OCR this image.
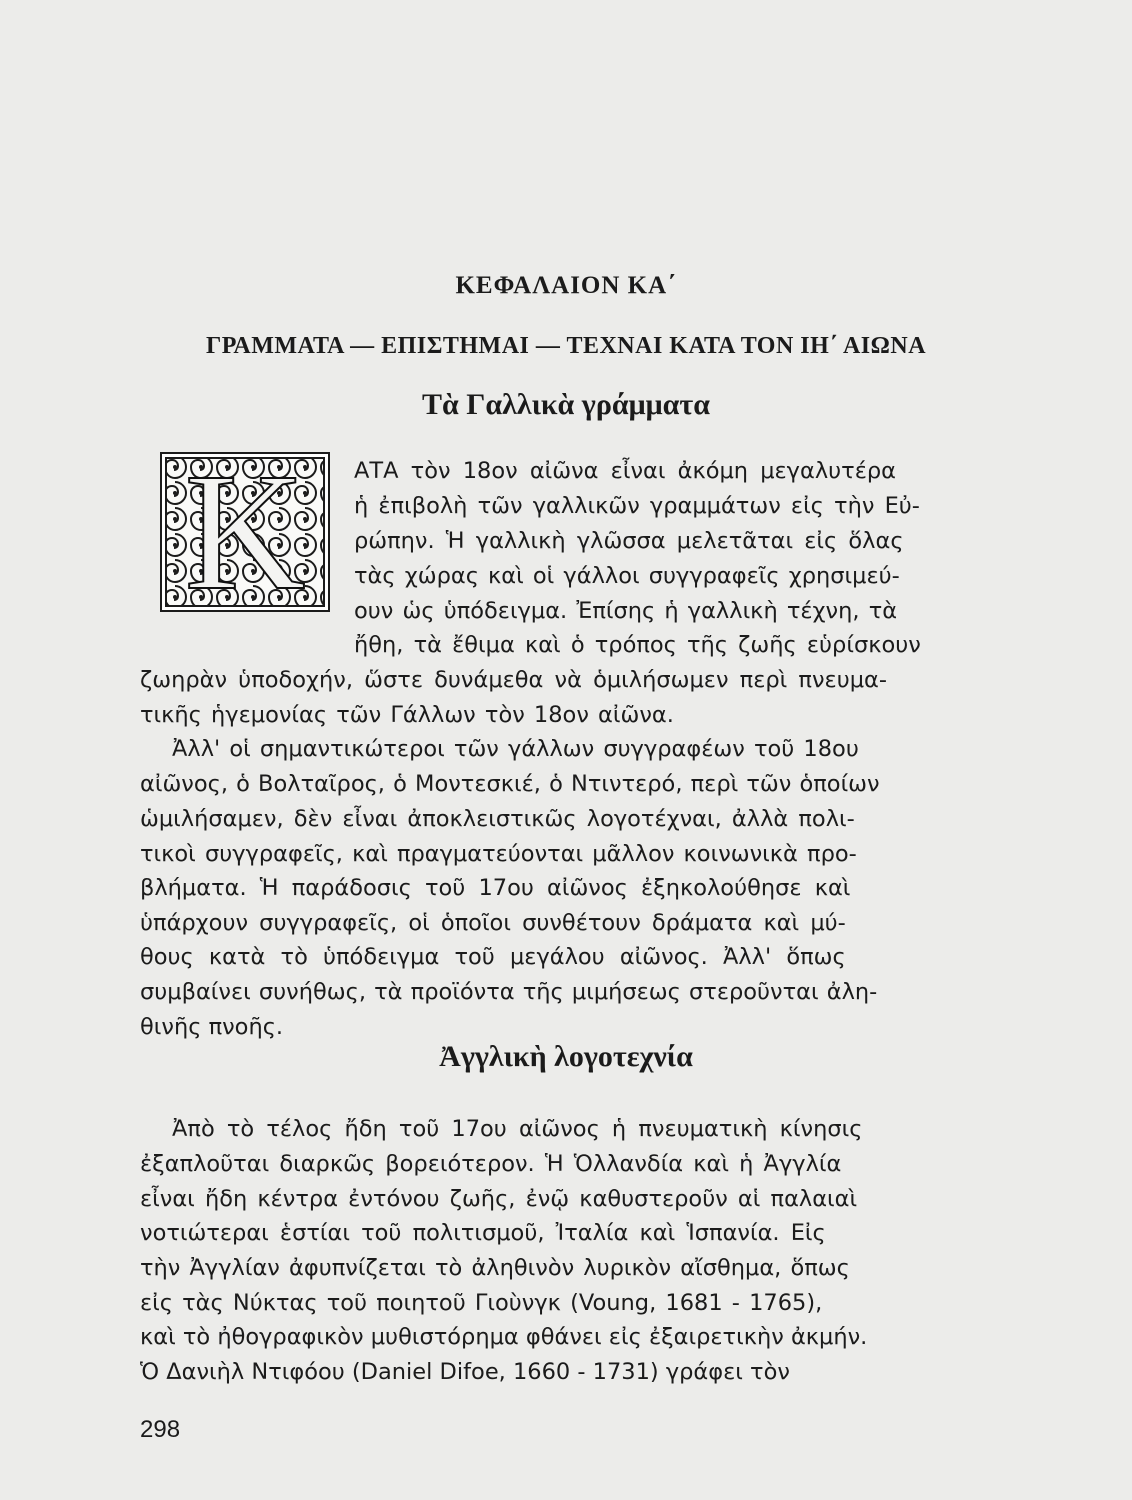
ΚΕΦΑΛΑΙΟΝ ΚΑ΄
ΓΡΑΜΜΑΤΑ — ΕΠΙΣΤΗΜΑΙ — ΤΕΧΝΑΙ ΚΑΤΑ ΤΟΝ ΙΗ΄ ΑΙΩΝΑ
Τὰ Γαλλικὰ γράμματα
Κ	ΑΤΑ τὸν 18ον αἰῶνα εἶναι ἀκόμη μεγαλυτέρα
ἡ ἐπιβολὴ τῶν γαλλικῶν γραμμάτων εἰς τὴν Εὐ-
ρώπην. Ἡ γαλλικὴ γλῶσσα μελετᾶται εἰς ὅλας
τὰς χώρας καὶ οἱ γάλλοι συγγραφεῖς χρησιμεύ-
ουν ὡς ὑπόδειγμα. Ἐπίσης ἡ γαλλικὴ τέχνη, τὰ
ἤθη, τὰ ἔθιμα καὶ ὁ τρόπος τῆς ζωῆς εὑρίσκουν
ζωηρὰν ὑποδοχήν, ὥστε δυνάμεθα νὰ ὁμιλήσωμεν περὶ πνευμα-
τικῆς ἡγεμονίας τῶν Γάλλων τὸν 18ον αἰῶνα.
Ἀλλ' οἱ σημαντικώτεροι τῶν γάλλων συγγραφέων τοῦ 18ου
αἰῶνος, ὁ Βολταῖρος, ὁ Μοντεσκιέ, ὁ Ντιντερό, περὶ τῶν ὁποίων
ὡμιλήσαμεν, δὲν εἶναι ἀποκλειστικῶς λογοτέχναι, ἀλλὰ πολι-
τικοὶ συγγραφεῖς, καὶ πραγματεύονται μᾶλλον κοινωνικὰ προ-
βλήματα. Ἡ παράδοσις τοῦ 17ου αἰῶνος ἐξηκολούθησε καὶ
ὑπάρχουν συγγραφεῖς, οἱ ὁποῖοι συνθέτουν δράματα καὶ μύ-
θους κατὰ τὸ ὑπόδειγμα τοῦ μεγάλου αἰῶνος. Ἀλλ' ὅπως
συμβαίνει συνήθως, τὰ προϊόντα τῆς μιμήσεως στεροῦνται ἀλη-
θινῆς πνοῆς.
Ἀγγλικὴ λογοτεχνία
Ἀπὸ τὸ τέλος ἤδη τοῦ 17ου αἰῶνος ἡ πνευματικὴ κίνησις
ἐξαπλοῦται διαρκῶς βορειότερον. Ἡ Ὁλλανδία καὶ ἡ Ἀγγλία
εἶναι ἤδη κέντρα ἐντόνου ζωῆς, ἐνῷ καθυστεροῦν αἱ παλαιαὶ
νοτιώτεραι ἑστίαι τοῦ πολιτισμοῦ, Ἰταλία καὶ Ἱσπανία. Εἰς
τὴν Ἀγγλίαν ἀφυπνίζεται τὸ ἀληθινὸν λυρικὸν αἴσθημα, ὅπως
εἰς τὰς Νύκτας τοῦ ποιητοῦ Γιοὺνγκ (Voung, 1681 - 1765),
καὶ τὸ ἠθογραφικὸν μυθιστόρημα φθάνει εἰς ἐξαιρετικὴν ἀκμήν.
Ὁ Δανιὴλ Ντιφόου (Daniel Difoe, 1660 - 1731) γράφει τὸν
298
